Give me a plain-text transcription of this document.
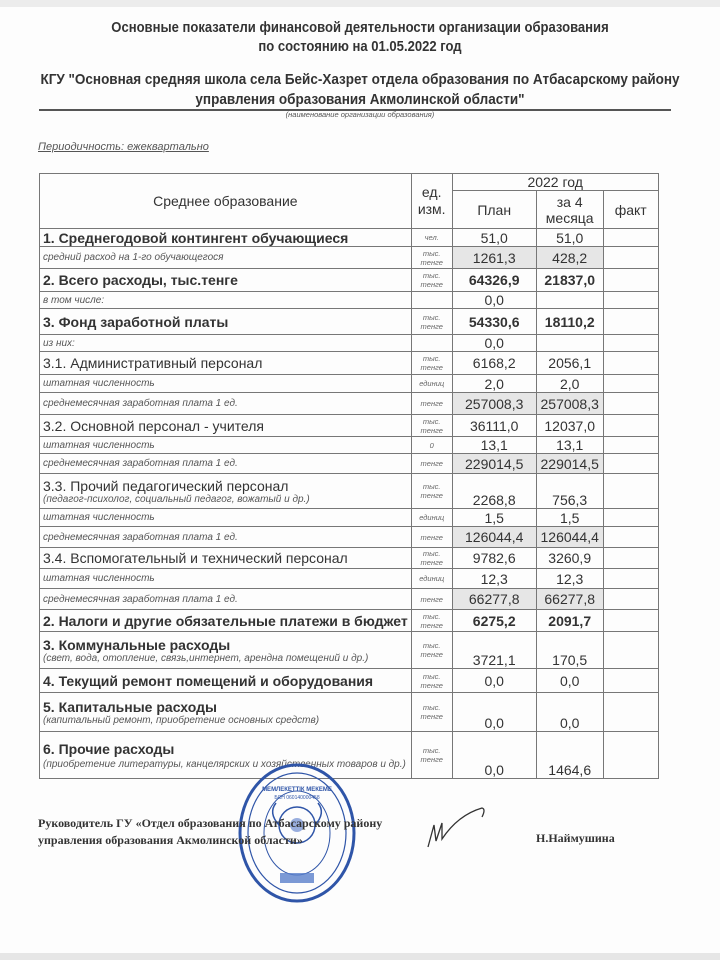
Основные показатели финансовой деятельности организации образования
по состоянию на 01.05.2022 год
КГУ "Основная средняя школа села Бейс-Хазрет отдела образования по Атбасарскому району
управления образования Акмолинской области"
(наименование организации образования)
Периодичность: ежеквартально
Среднее образование	ед. изм.	2022 год		
		План	за 4 месяца	факт

1. Среднегодовой контингент обучающиеся	чел.	51,0	51,0	

средний расход на 1-го обучающегося	тыс. тенге	1261,3	428,2	

2. Всего расходы, тыс.тенге	тыс. тенге	64326,9	21837,0	

в том числе:		0,0		

3. Фонд заработной платы	тыс. тенге	54330,6	18110,2	

из них:		0,0		

3.1. Административный персонал	тыс. тенге	6168,2	2056,1	

штатная численность	единиц	2,0	2,0	

среднемесячная заработная плата 1 ед.	тенге	257008,3	257008,3	

3.2. Основной персонал - учителя	тыс. тенге	36111,0	12037,0	

штатная численность	0	13,1	13,1	

среднемесячная заработная плата 1 ед.	тенге	229014,5	229014,5	

3.3. Прочий педагогический персонал
(педагог-психолог, социальный педагог, вожатый и др.)	тыс. тенге	2268,8	756,3	

штатная численность	единиц	1,5	1,5	

среднемесячная заработная плата 1 ед.	тенге	126044,4	126044,4	

3.4. Вспомогательный и технический персонал	тыс. тенге	9782,6	3260,9	

штатная численность	единиц	12,3	12,3	

среднемесячная заработная плата 1 ед.	тенге	66277,8	66277,8	

2. Налоги и другие обязательные платежи в бюджет	тыс. тенге	6275,2	2091,7	

3. Коммунальные расходы
(свет, вода, отопление, связь,интернет, арендна помещений и др.)	тыс. тенге	3721,1	170,5	

4. Текущий ремонт помещений и оборудования	тыс. тенге	0,0	0,0	

5. Капитальные расходы
(капитальный ремонт, приобретение основных средств)	тыс. тенге	0,0	0,0	

6. Прочие расходы
(приобретение литературы, канцелярских и хозяйственных товаров и др.)	тыс. тенге	0,0	1464,6	
МЕМЛЕКЕТТІК МЕКЕМЕ
БСН 060140000458
Руководитель ГУ «Отдел образования по Атбасарскому району
управления образования Акмолинской области»	Н.Наймушина
